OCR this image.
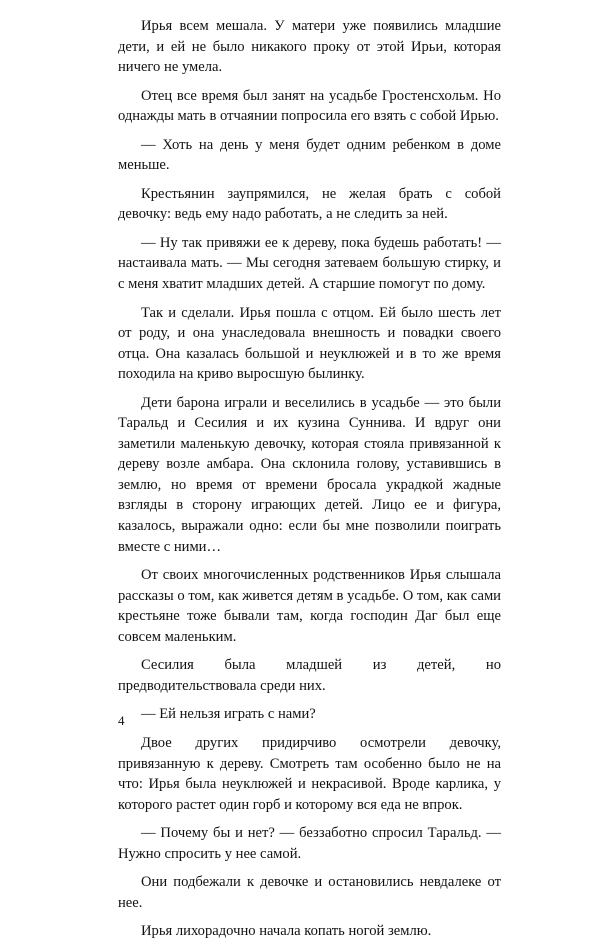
Ирья всем мешала. У матери уже появились младшие дети, и ей не было никакого проку от этой Ирьи, которая ничего не умела.

Отец все время был занят на усадьбе Гростенсхольм. Но однажды мать в отчаянии попросила его взять с собой Ирью.

— Хоть на день у меня будет одним ребенком в доме меньше.

Крестьянин заупрямился, не желая брать с собой девочку: ведь ему надо работать, а не следить за ней.

— Ну так привяжи ее к дереву, пока будешь работать! — настаивала мать. — Мы сегодня затеваем большую стирку, и с меня хватит младших детей. А старшие помогут по дому.

Так и сделали. Ирья пошла с отцом. Ей было шесть лет от роду, и она унаследовала внешность и повадки своего отца. Она казалась большой и неуклюжей и в то же время походила на криво выросшую былинку.

Дети барона играли и веселились в усадьбе — это были Таральд и Сесилия и их кузина Суннива. И вдруг они заметили маленькую девочку, которая стояла привязанной к дереву возле амбара. Она склонила голову, уставившись в землю, но время от времени бросала украдкой жадные взгляды в сторону играющих детей. Лицо ее и фигура, казалось, выражали одно: если бы мне позволили поиграть вместе с ними…

От своих многочисленных родственников Ирья слышала рассказы о том, как живется детям в усадьбе. О том, как сами крестьяне тоже бывали там, когда господин Даг был еще совсем маленьким.

Сесилия была младшей из детей, но предводительствовала среди них.

— Ей нельзя играть с нами?

Двое других придирчиво осмотрели девочку, привязанную к дереву. Смотреть там особенно было не на что: Ирья была неуклюжей и некрасивой. Вроде карлика, у которого растет один горб и которому вся еда не впрок.

— Почему бы и нет? — беззаботно спросил Таральд. — Нужно спросить у нее самой.

Они подбежали к девочке и остановились невдалеке от нее.

Ирья лихорадочно начала копать ногой землю.

4
